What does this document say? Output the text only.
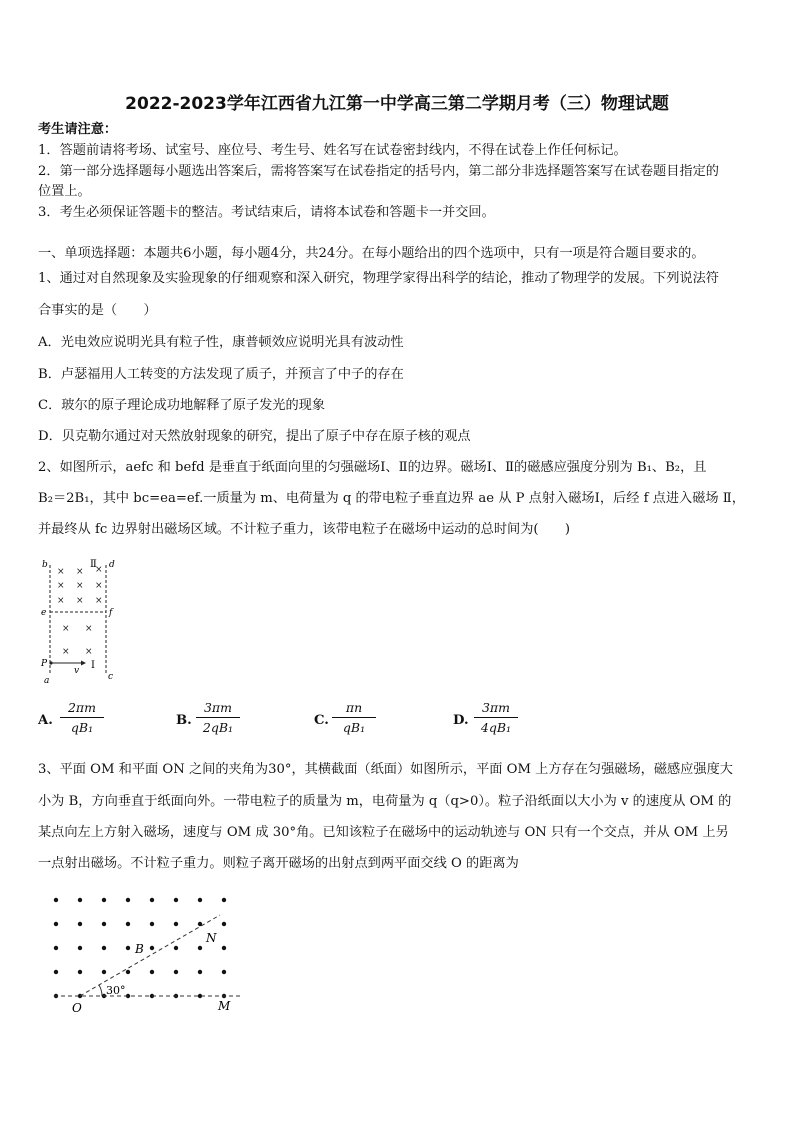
2022-2023学年江西省九江第一中学高三第二学期月考（三）物理试题
考生请注意：
1．答题前请将考场、试室号、座位号、考生号、姓名写在试卷密封线内，不得在试卷上作任何标记。
2．第一部分选择题每小题选出答案后，需将答案写在试卷指定的括号内，第二部分非选择题答案写在试卷题目指定的
位置上。
3．考生必须保证答题卡的整洁。考试结束后，请将本试卷和答题卡一并交回。
一、单项选择题：本题共6小题，每小题4分，共24分。在每小题给出的四个选项中，只有一项是符合题目要求的。
1、通过对自然现象及实验现象的仔细观察和深入研究，物理学家得出科学的结论，推动了物理学的发展。下列说法符
合事实的是（　　）
A．光电效应说明光具有粒子性，康普顿效应说明光具有波动性
B．卢瑟福用人工转变的方法发现了质子，并预言了中子的存在
C．玻尔的原子理论成功地解释了原子发光的现象
D．贝克勒尔通过对天然放射现象的研究，提出了原子中存在原子核的观点
2、如图所示，aefc 和 befd 是垂直于纸面向里的匀强磁场Ⅰ、Ⅱ的边界。磁场Ⅰ、Ⅱ的磁感应强度分别为 B₁、B₂，且
B₂＝2B₁，其中 bc=ea=ef.一质量为 m、电荷量为 q 的带电粒子垂直边界 ae 从 P 点射入磁场Ⅰ，后经 f 点进入磁场 Ⅱ，
并最终从 fc 边界射出磁场区域。不计粒子重力，该带电粒子在磁场中运动的总时间为(　　)
b	Ⅱ d
e	f
P
v Ⅰ
a	c
× ×
× × ×
× × ×
×
× ×
× ×
A. $\frac{2\pi m}{\text{qB₁}}$	B. $\frac{3\pi m}{\text{2qB₁}}$	C. $\frac{\pi n}{\text{qB₁}}$	D. $\frac{3\pi m}{\text{4qB₁}}$
3、平面 OM 和平面 ON 之间的夹角为30°，其横截面（纸面）如图所示，平面 OM 上方存在匀强磁场，磁感应强度大
小为 B，方向垂直于纸面向外。一带电粒子的质量为 m，电荷量为 q（q>0）。粒子沿纸面以大小为 v 的速度从 OM 的
某点向左上方射入磁场，速度与 OM 成 30°角。已知该粒子在磁场中的运动轨迹与 ON 只有一个交点，并从 OM 上另
一点射出磁场。不计粒子重力。则粒子离开磁场的出射点到两平面交线 O 的距离为
B
N
O
30°
M
